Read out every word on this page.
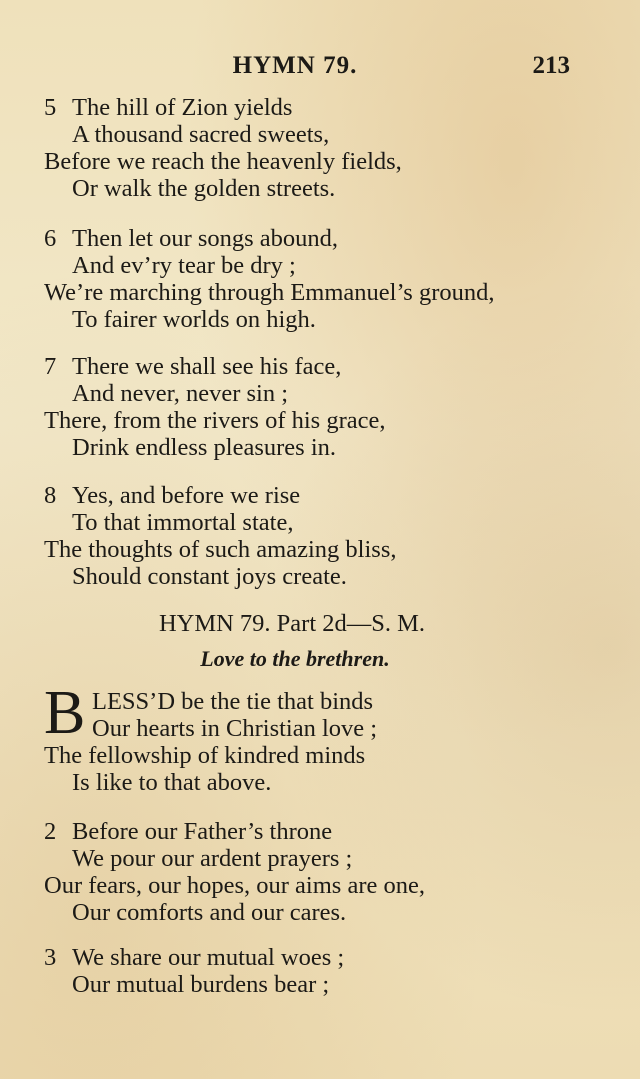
HYMN 79.	213
5 The hill of Zion yields
A thousand sacred sweets,
Before we reach the heavenly fields,
Or walk the golden streets.
6 Then let our songs abound,
And ev’ry tear be dry ;
We’re marching through Emmanuel’s ground,
To fairer worlds on high.
7 There we shall see his face,
And never, never sin ;
There, from the rivers of his grace,
Drink endless pleasures in.
8 Yes, and before we rise
To that immortal state,
The thoughts of such amazing bliss,
Should constant joys create.
HYMN 79. Part 2d—S. M.
Love to the brethren.
B LESS’D be the tie that binds
Our hearts in Christian love ;
The fellowship of kindred minds
Is like to that above.
2 Before our Father’s throne
We pour our ardent prayers ;
Our fears, our hopes, our aims are one,
Our comforts and our cares.
3 We share our mutual woes ;
Our mutual burdens bear ;
